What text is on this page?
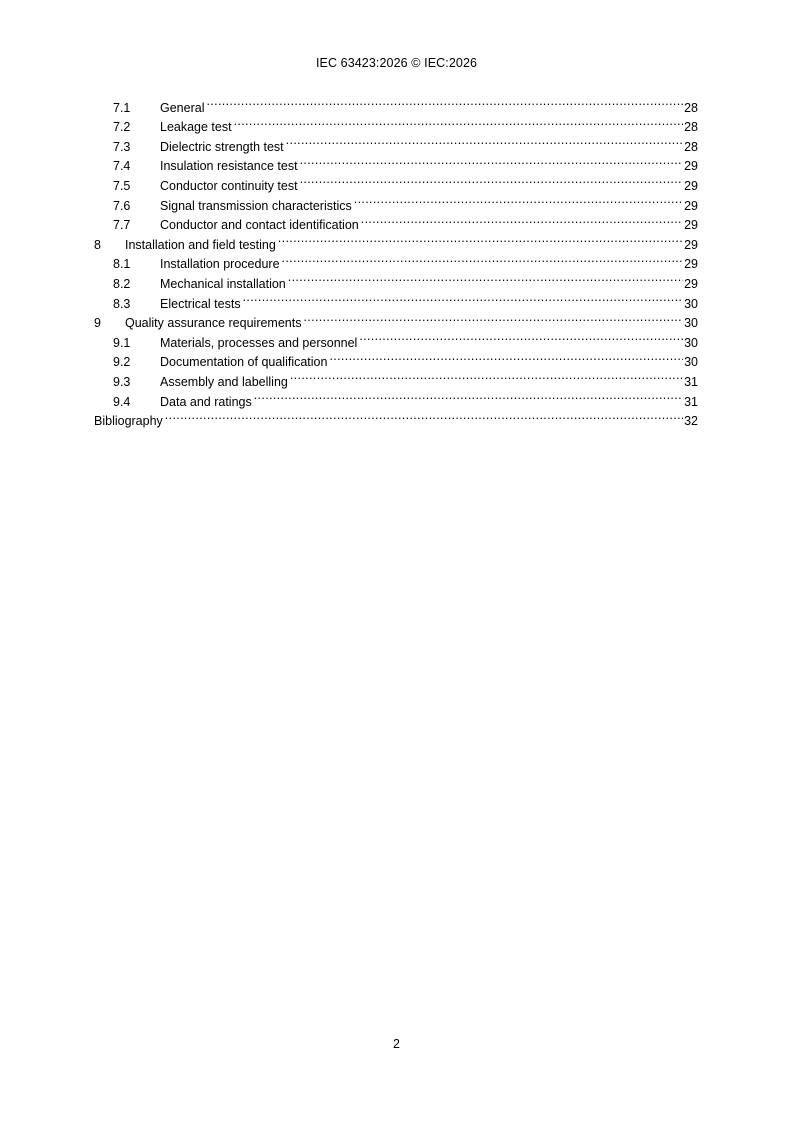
IEC 63423:2026 © IEC:2026
7.1	General .....	28
7.2	Leakage test .....	28
7.3	Dielectric strength test .....	28
7.4	Insulation resistance test .....	29
7.5	Conductor continuity test .....	29
7.6	Signal transmission characteristics .....	29
7.7	Conductor and contact identification .....	29
8	Installation and field testing .....	29
8.1	Installation procedure .....	29
8.2	Mechanical installation .....	29
8.3	Electrical tests .....	30
9	Quality assurance requirements .....	30
9.1	Materials, processes and personnel .....	30
9.2	Documentation of qualification .....	30
9.3	Assembly and labelling .....	31
9.4	Data and ratings .....	31
Bibliography .....	32
2
